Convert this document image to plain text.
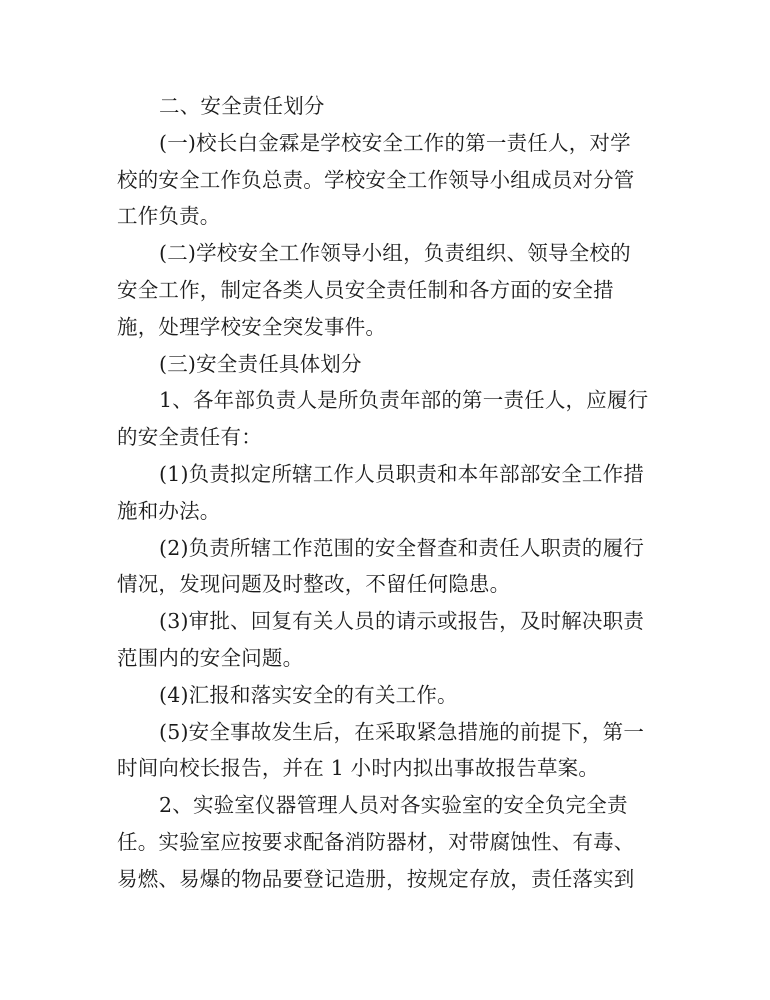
二、安全责任划分
(一)校长白金霖是学校安全工作的第一责任人，对学
校的安全工作负总责。学校安全工作领导小组成员对分管
工作负责。
(二)学校安全工作领导小组，负责组织、领导全校的
安全工作，制定各类人员安全责任制和各方面的安全措
施，处理学校安全突发事件。
(三)安全责任具体划分
1、各年部负责人是所负责年部的第一责任人，应履行
的安全责任有：
(1)负责拟定所辖工作人员职责和本年部部安全工作措
施和办法。
(2)负责所辖工作范围的安全督查和责任人职责的履行
情况，发现问题及时整改，不留任何隐患。
(3)审批、回复有关人员的请示或报告，及时解决职责
范围内的安全问题。
(4)汇报和落实安全的有关工作。
(5)安全事故发生后，在采取紧急措施的前提下，第一
时间向校长报告，并在 1 小时内拟出事故报告草案。
2、实验室仪器管理人员对各实验室的安全负完全责
任。实验室应按要求配备消防器材，对带腐蚀性、有毒、
易燃、易爆的物品要登记造册，按规定存放，责任落实到
